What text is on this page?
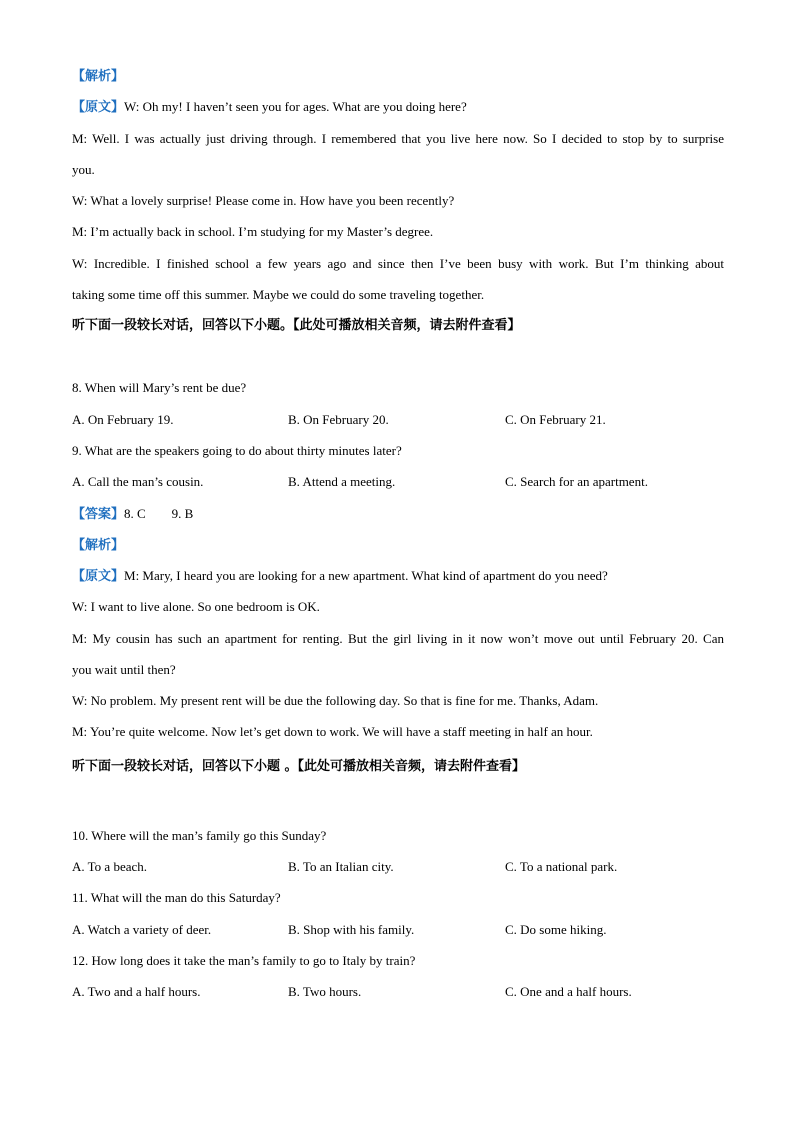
【解析】
【原文】W: Oh my! I haven’t seen you for ages. What are you doing here?
M: Well. I was actually just driving through. I remembered that you live here now. So I decided to stop by to surprise
you.
W: What a lovely surprise! Please come in. How have you been recently?
M: I’m actually back in school. I’m studying for my Master’s degree.
W: Incredible. I finished school a few years ago and since then I’ve been busy with work. But I’m thinking about
taking some time off this summer. Maybe we could do some traveling together.
听下面一段较长对话，回答以下小题。【此处可播放相关音频，请去附件查看】
8. When will Mary’s rent be due?
A. On February 19.	B. On February 20.	C. On February 21.
9. What are the speakers going to do about thirty minutes later?
A. Call the man’s cousin.	B. Attend a meeting.	C. Search for an apartment.
【答案】8. C        9. B
【解析】
【原文】M: Mary, I heard you are looking for a new apartment. What kind of apartment do you need?
W: I want to live alone. So one bedroom is OK.
M: My cousin has such an apartment for renting. But the girl living in it now won’t move out until February 20. Can
you wait until then?
W: No problem. My present rent will be due the following day. So that is fine for me. Thanks, Adam.
M: You’re quite welcome. Now let’s get down to work. We will have a staff meeting in half an hour.
听下面一段较长对话，回答以下小题 。【此处可播放相关音频，请去附件查看】
10. Where will the man’s family go this Sunday?
A. To a beach.	B. To an Italian city.	C. To a national park.
11. What will the man do this Saturday?
A. Watch a variety of deer.	B. Shop with his family.	C. Do some hiking.
12. How long does it take the man’s family to go to Italy by train?
A. Two and a half hours.	B. Two hours.	C. One and a half hours.
